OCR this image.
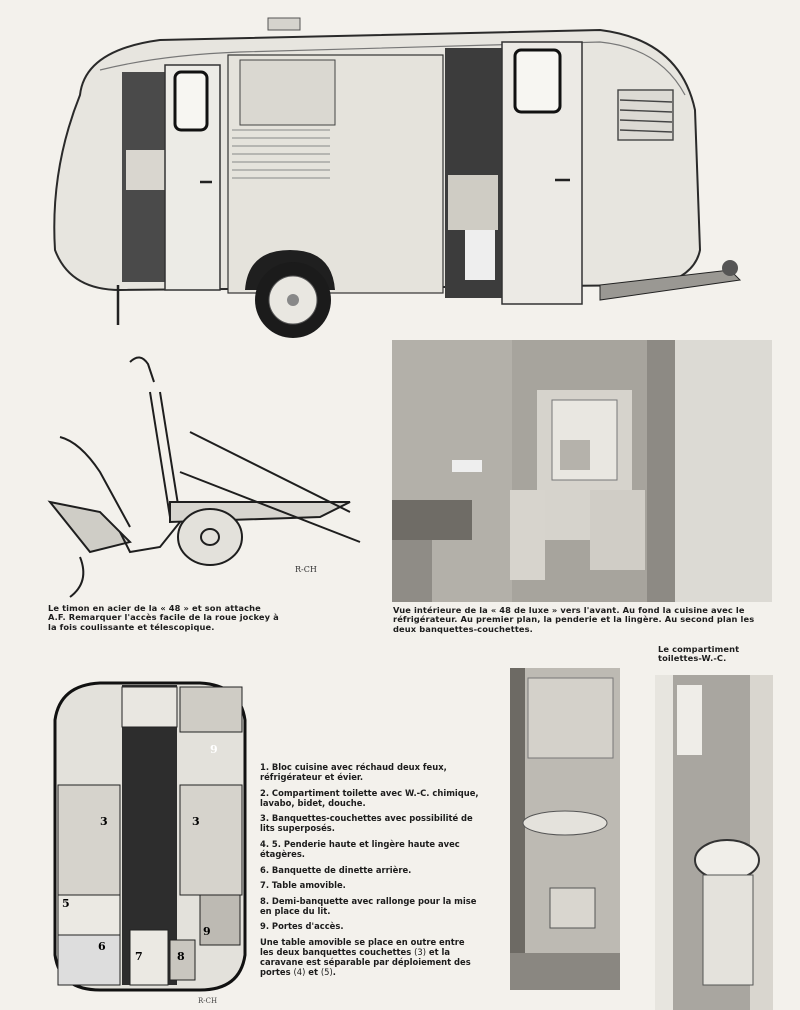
R-CH
Le timon en acier de la « 48 » et son attache A.F. Remarquer l'accès facile de la roue jockey à la fois coulissante et télescopique.
Vue intérieure de la « 48 de luxe » vers l'avant. Au fond la cuisine avec le réfrigérateur. Au premier plan, la penderie et la lingère. Au second plan les deux banquettes-couchettes.
Le compartiment toilettes-W.-C.
3	3
5
6
7	8
9
9
R-CH
1. Bloc cuisine avec réchaud deux feux, réfrigérateur et évier.
2. Compartiment toilette avec W.-C. chimique, lavabo, bidet, douche.
3. Banquettes-couchettes avec possibilité de lits superposés.
4. 5. Penderie haute et lingère haute avec étagères.
6. Banquette de dinette arrière.
7. Table amovible.
8. Demi-banquette avec rallonge pour la mise en place du lit.
9. Portes d'accès.
Une table amovible se place en outre entre les deux banquettes couchettes (3) et la caravane est séparable par déploiement des portes (4) et (5).
